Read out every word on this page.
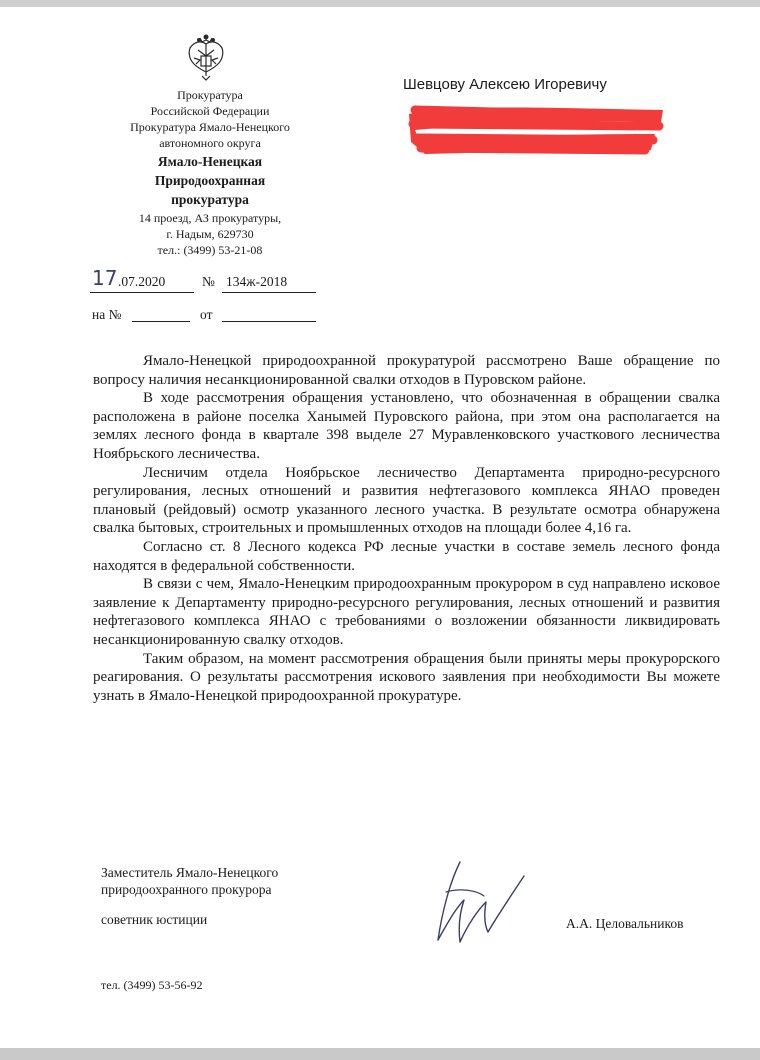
Прокуратура
Российской Федерации
Прокуратура Ямало-Ненецкого
автономного округа
Ямало-Ненецкая
Природоохранная
прокуратура
14 проезд, АЗ прокуратуры,
г. Надым, 629730
тел.: (3499) 53-21-08
17 .07.2020	№ 134ж-2018
на №	от
Шевцову Алексею Игоревичу

Ямало-Ненецкой природоохранной прокуратурой рассмотрено Ваше обращение по вопросу наличия несанкционированной свалки отходов в Пуровском районе.

В ходе рассмотрения обращения установлено, что обозначенная в обращении свалка расположена в районе поселка Ханымей Пуровского района, при этом она располагается на землях лесного фонда в квартале 398 выделе 27 Муравленковского участкового лесничества Ноябрьского лесничества.

Лесничим отдела Ноябрьское лесничество Департамента природно-ресурсного регулирования, лесных отношений и развития нефтегазового комплекса ЯНАО проведен плановый (рейдовый) осмотр указанного лесного участка. В результате осмотра обнаружена свалка бытовых, строительных и промышленных отходов на площади более 4,16 га.

Согласно ст. 8 Лесного кодекса РФ лесные участки в составе земель лесного фонда находятся в федеральной собственности.

В связи с чем, Ямало-Ненецким природоохранным прокурором в суд направлено исковое заявление к Департаменту природно-ресурсного регулирования, лесных отношений и развития нефтегазового комплекса ЯНАО с требованиями о возложении обязанности ликвидировать несанкционированную свалку отходов.

Таким образом, на момент рассмотрения обращения были приняты меры прокурорского реагирования. О результаты рассмотрения искового заявления при необходимости Вы можете узнать в Ямало-Ненецкой природоохранной прокуратуре.

Заместитель Ямало-Ненецкого
природоохранного прокурора
советник юстиции	А.А. Целовальников
тел. (3499) 53-56-92
